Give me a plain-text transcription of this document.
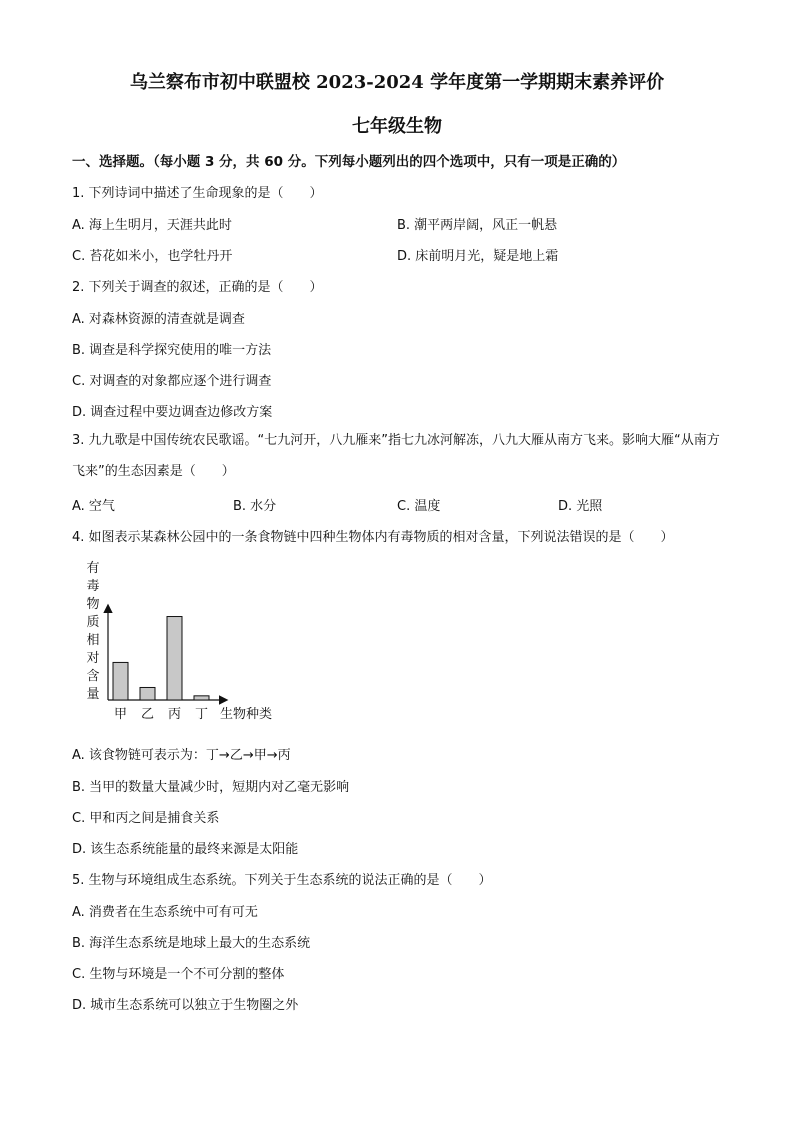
乌兰察布市初中联盟校 2023-2024 学年度第一学期期末素养评价
七年级生物
一、选择题。（每小题 3 分，共 60 分。下列每小题列出的四个选项中，只有一项是正确的）
1. 下列诗词中描述了生命现象的是（　　）
A. 海上生明月，天涯共此时	B. 潮平两岸阔，风正一帆悬
C. 苔花如米小，也学牡丹开	D. 床前明月光，疑是地上霜
2. 下列关于调查的叙述，正确的是（　　）
A. 对森林资源的清查就是调查
B. 调查是科学探究使用的唯一方法
C. 对调查的对象都应逐个进行调查
D. 调查过程中要边调查边修改方案
3. 九九歌是中国传统农民歌谣。“七九河开，八九雁来”指七九冰河解冻，八九大雁从南方飞来。影响大雁“从南方飞来”的生态因素是（　　）
A. 空气	B. 水分	C. 温度	D. 光照
4. 如图表示某森林公园中的一条食物链中四种生物体内有毒物质的相对含量，下列说法错误的是（　　）
有
毒
物
质
相
对
含
量
甲 乙 丙 丁 生物种类
A. 该食物链可表示为：丁→乙→甲→丙
B. 当甲的数量大量减少时，短期内对乙毫无影响
C. 甲和丙之间是捕食关系
D. 该生态系统能量的最终来源是太阳能
5. 生物与环境组成生态系统。下列关于生态系统的说法正确的是（　　）
A. 消费者在生态系统中可有可无
B. 海洋生态系统是地球上最大的生态系统
C. 生物与环境是一个不可分割的整体
D. 城市生态系统可以独立于生物圈之外
